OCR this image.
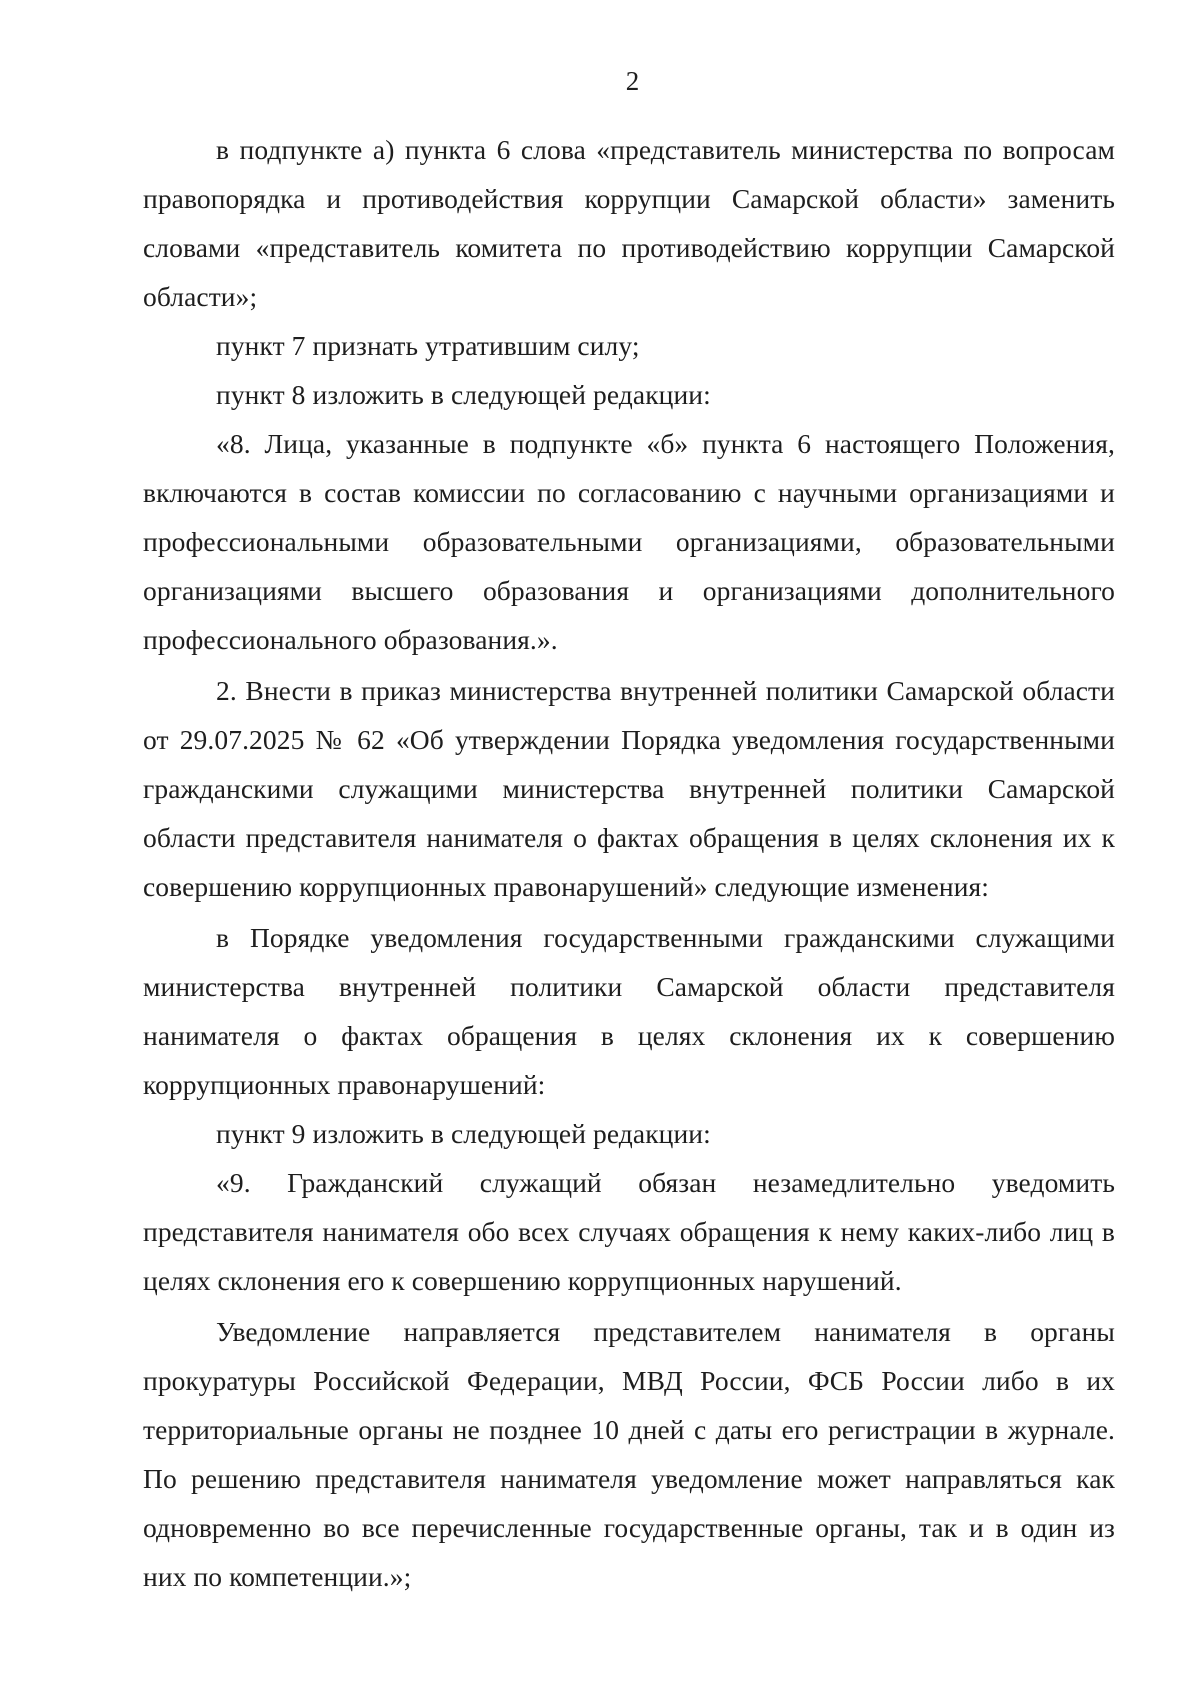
2

в подпункте а) пункта 6 слова «представитель министерства по вопросам правопорядка и противодействия коррупции Самарской области» заменить словами «представитель комитета по противодействию коррупции Самарской области»;

пункт 7 признать утратившим силу;

пункт 8 изложить в следующей редакции:

«8. Лица, указанные в подпункте «б» пункта 6 настоящего Положения, включаются в состав комиссии по согласованию с научными организациями и профессиональными образовательными организациями, образовательными организациями высшего образования и организациями дополнительного профессионального образования.».

2. Внести в приказ министерства внутренней политики Самарской области от 29.07.2025 № 62 «Об утверждении Порядка уведомления государственными гражданскими служащими министерства внутренней политики Самарской области представителя нанимателя о фактах обращения в целях склонения их к совершению коррупционных правонарушений» следующие изменения:

в Порядке уведомления государственными гражданскими служащими министерства внутренней политики Самарской области представителя нанимателя о фактах обращения в целях склонения их к совершению коррупционных правонарушений:

пункт 9 изложить в следующей редакции:

«9. Гражданский служащий обязан незамедлительно уведомить представителя нанимателя обо всех случаях обращения к нему каких-либо лиц в целях склонения его к совершению коррупционных нарушений.

Уведомление направляется представителем нанимателя в органы прокуратуры Российской Федерации, МВД России, ФСБ России либо в их территориальные органы не позднее 10 дней с даты его регистрации в журнале. По решению представителя нанимателя уведомление может направляться как одновременно во все перечисленные государственные органы, так и в один из них по компетенции.»;
